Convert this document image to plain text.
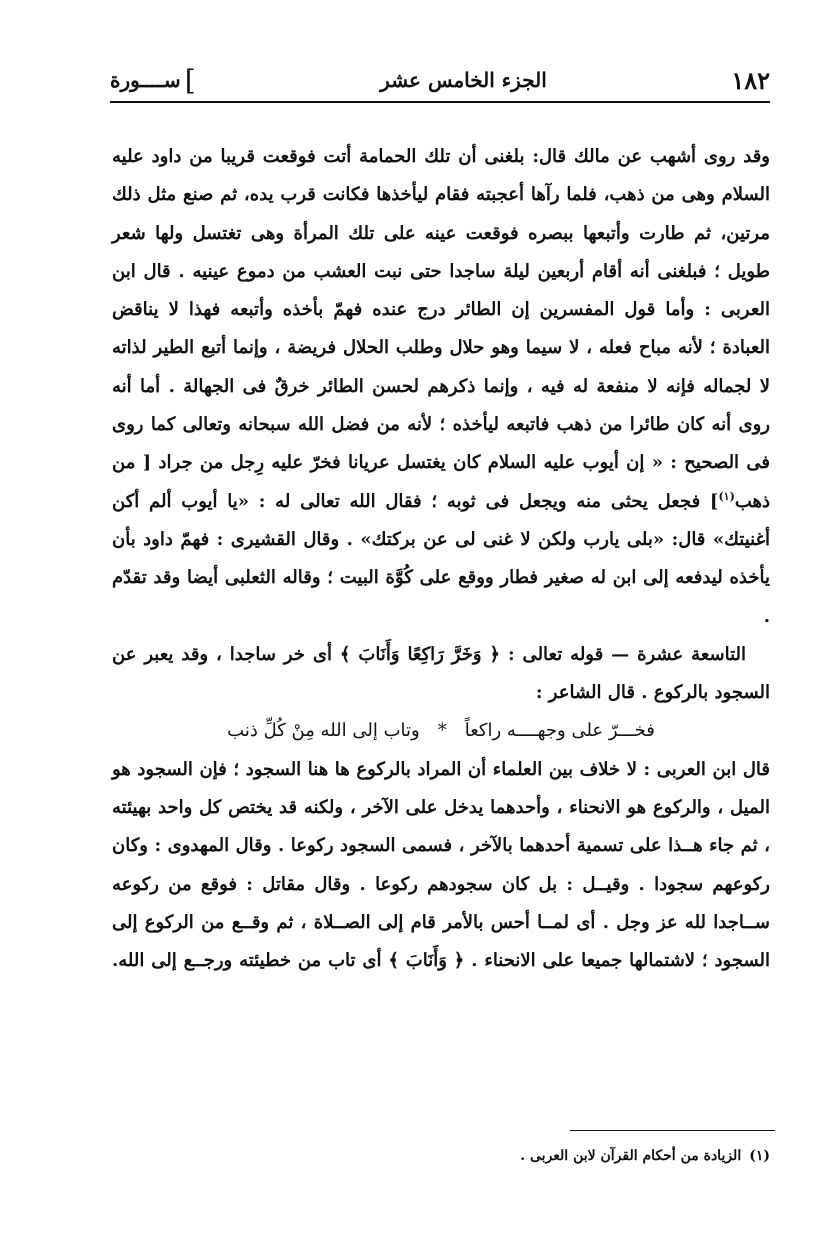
١٨٢
الجزء الخامس عشر
]
ســــورة

وقد روى أشهب عن مالك قال: بلغنى أن تلك الحمامة أتت فوقعت قريبا من داود عليه السلام وهى من ذهب، فلما رآها أعجبته فقام ليأخذها فكانت قرب يده، ثم صنع مثل ذلك مرتين، ثم طارت وأتبعها ببصره فوقعت عينه على تلك المرأة وهى تغتسل ولها شعر طويل ؛ فبلغنى أنه أقام أربعين ليلة ساجدا حتى نبت العشب من دموع عينيه . قال ابن العربى : وأما قول المفسرين إن الطائر درج عنده فهمّ بأخذه وأتبعه فهذا لا يناقض العبادة ؛ لأنه مباح فعله ، لا سيما وهو حلال وطلب الحلال فريضة ، وإنما أتبع الطير لذاته لا لجماله فإنه لا منفعة له فيه ، وإنما ذكرهم لحسن الطائر خرقٌ فى الجهالة . أما أنه روى أنه كان طائرا من ذهب فاتبعه ليأخذه ؛ لأنه من فضل الله سبحانه وتعالى كما روى فى الصحيح : « إن أيوب عليه السلام كان يغتسل عريانا فخرّ عليه رِجل من جراد [ من ذهب$^{(١)}$] فجعل يحثى منه ويجعل فى ثوبه ؛ فقال الله تعالى له : «يا أيوب ألم أكن أغنيتك» قال: «بلى يارب ولكن لا غنى لى عن بركتك» . وقال القشيرى : فهمّ داود بأن يأخذه ليدفعه إلى ابن له صغير فطار ووقع على كُوَّة البيت ؛ وقاله الثعلبى أيضا وقد تقدّم .

التاسعة عشرة — قوله تعالى : ﴿ وَخَرَّ رَاكِعًا وَأَنَابَ ﴾ أى خر ساجدا ، وقد يعبر عن السجود بالركوع . قال الشاعر :

فخـــرّ على وجهــــه راكعاً*وتاب إلى الله مِنْ كُلِّ ذنب

قال ابن العربى : لا خلاف بين العلماء أن المراد بالركوع ها هنا السجود ؛ فإن السجود هو الميل ، والركوع هو الانحناء ، وأحدهما يدخل على الآخر ، ولكنه قد يختص كل واحد بهيئته ، ثم جاء هــذا على تسمية أحدهما بالآخر ، فسمى السجود ركوعا . وقال المهدوى : وكان ركوعهم سجودا . وقيــل : بل كان سجودهم ركوعا . وقال مقاتل : فوقع من ركوعه ســاجدا لله عز وجل . أى لمــا أحس بالأمر قام إلى الصــلاة ، ثم وقــع من الركوع إلى السجود ؛ لاشتمالها جميعا على الانحناء . ﴿ وَأَنَابَ ﴾ أى تاب من خطيئته ورجــع إلى الله.

(١)الزيادة من أحكام القرآن لابن العربى .
